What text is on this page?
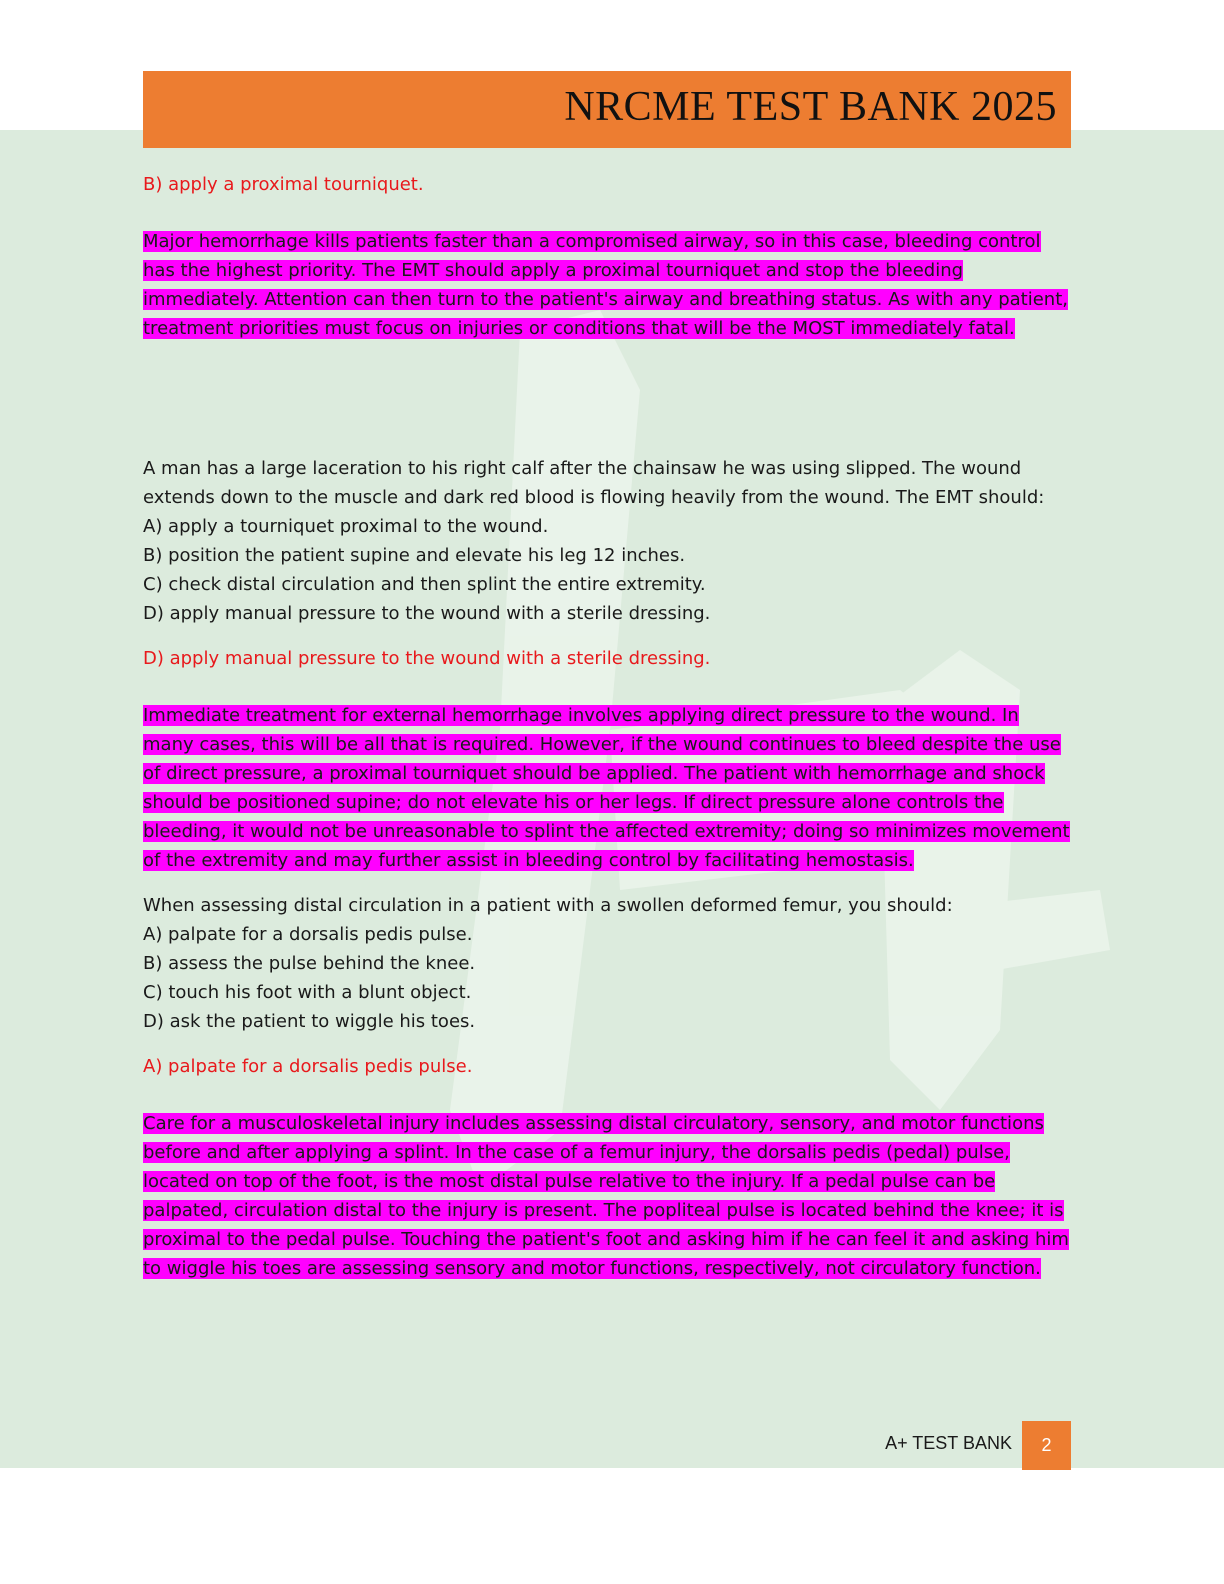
NRCME TEST BANK 2025

B) apply a proximal tourniquet.

Major hemorrhage kills patients faster than a compromised airway, so in this case, bleeding control has the highest priority. The EMT should apply a proximal tourniquet and stop the bleeding immediately. Attention can then turn to the patient's airway and breathing status. As with any patient, treatment priorities must focus on injuries or conditions that will be the MOST immediately fatal.

A man has a large laceration to his right calf after the chainsaw he was using slipped. The wound extends down to the muscle and dark red blood is flowing heavily from the wound. The EMT should:

A) apply a tourniquet proximal to the wound.

B) position the patient supine and elevate his leg 12 inches.

C) check distal circulation and then splint the entire extremity.

D) apply manual pressure to the wound with a sterile dressing.

D) apply manual pressure to the wound with a sterile dressing.

Immediate treatment for external hemorrhage involves applying direct pressure to the wound. In many cases, this will be all that is required. However, if the wound continues to bleed despite the use of direct pressure, a proximal tourniquet should be applied. The patient with hemorrhage and shock should be positioned supine; do not elevate his or her legs. If direct pressure alone controls the bleeding, it would not be unreasonable to splint the affected extremity; doing so minimizes movement of the extremity and may further assist in bleeding control by facilitating hemostasis.

When assessing distal circulation in a patient with a swollen deformed femur, you should:

A) palpate for a dorsalis pedis pulse.

B) assess the pulse behind the knee.

C) touch his foot with a blunt object.

D) ask the patient to wiggle his toes.

A) palpate for a dorsalis pedis pulse.

Care for a musculoskeletal injury includes assessing distal circulatory, sensory, and motor functions before and after applying a splint. In the case of a femur injury, the dorsalis pedis (pedal) pulse, located on top of the foot, is the most distal pulse relative to the injury. If a pedal pulse can be palpated, circulation distal to the injury is present. The popliteal pulse is located behind the knee; it is proximal to the pedal pulse. Touching the patient's foot and asking him if he can feel it and asking him to wiggle his toes are assessing sensory and motor functions, respectively, not circulatory function.

A+ TEST BANK	2
